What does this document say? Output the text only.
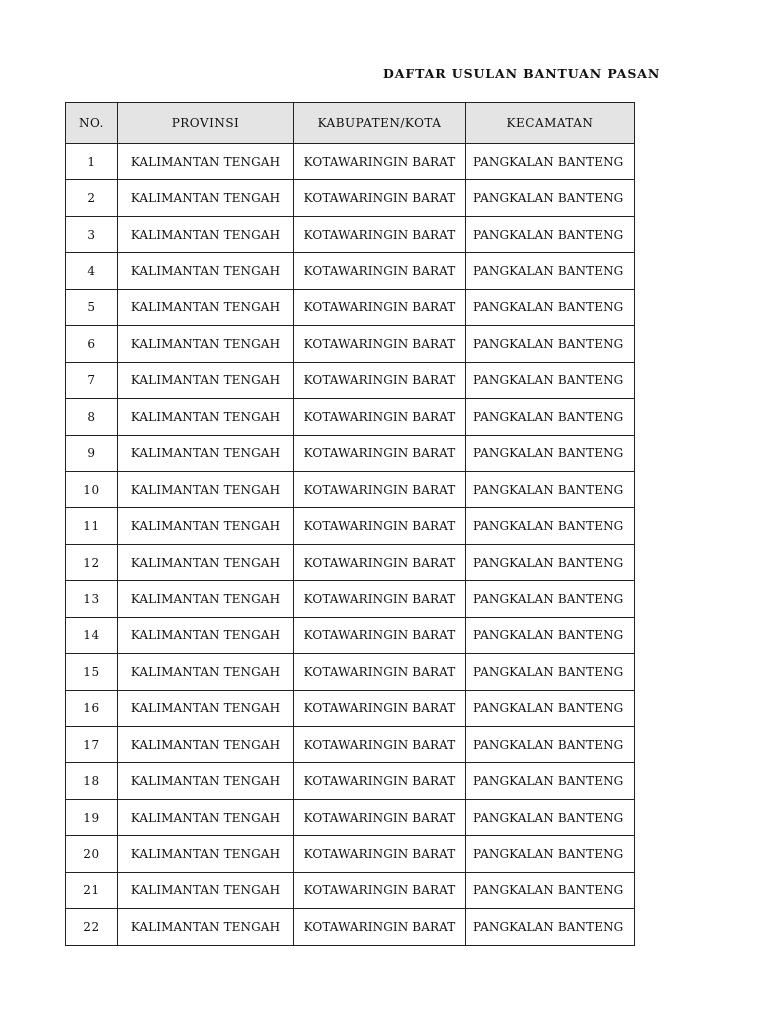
DAFTAR USULAN BANTUAN PASAN
NO.	PROVINSI	KABUPATEN/KOTA	KECAMATAN
1	KALIMANTAN TENGAH	KOTAWARINGIN BARAT	PANGKALAN BANTENG
2	KALIMANTAN TENGAH	KOTAWARINGIN BARAT	PANGKALAN BANTENG
3	KALIMANTAN TENGAH	KOTAWARINGIN BARAT	PANGKALAN BANTENG
4	KALIMANTAN TENGAH	KOTAWARINGIN BARAT	PANGKALAN BANTENG
5	KALIMANTAN TENGAH	KOTAWARINGIN BARAT	PANGKALAN BANTENG
6	KALIMANTAN TENGAH	KOTAWARINGIN BARAT	PANGKALAN BANTENG
7	KALIMANTAN TENGAH	KOTAWARINGIN BARAT	PANGKALAN BANTENG
8	KALIMANTAN TENGAH	KOTAWARINGIN BARAT	PANGKALAN BANTENG
9	KALIMANTAN TENGAH	KOTAWARINGIN BARAT	PANGKALAN BANTENG
10	KALIMANTAN TENGAH	KOTAWARINGIN BARAT	PANGKALAN BANTENG
11	KALIMANTAN TENGAH	KOTAWARINGIN BARAT	PANGKALAN BANTENG
12	KALIMANTAN TENGAH	KOTAWARINGIN BARAT	PANGKALAN BANTENG
13	KALIMANTAN TENGAH	KOTAWARINGIN BARAT	PANGKALAN BANTENG
14	KALIMANTAN TENGAH	KOTAWARINGIN BARAT	PANGKALAN BANTENG
15	KALIMANTAN TENGAH	KOTAWARINGIN BARAT	PANGKALAN BANTENG
16	KALIMANTAN TENGAH	KOTAWARINGIN BARAT	PANGKALAN BANTENG
17	KALIMANTAN TENGAH	KOTAWARINGIN BARAT	PANGKALAN BANTENG
18	KALIMANTAN TENGAH	KOTAWARINGIN BARAT	PANGKALAN BANTENG
19	KALIMANTAN TENGAH	KOTAWARINGIN BARAT	PANGKALAN BANTENG
20	KALIMANTAN TENGAH	KOTAWARINGIN BARAT	PANGKALAN BANTENG
21	KALIMANTAN TENGAH	KOTAWARINGIN BARAT	PANGKALAN BANTENG
22	KALIMANTAN TENGAH	KOTAWARINGIN BARAT	PANGKALAN BANTENG
